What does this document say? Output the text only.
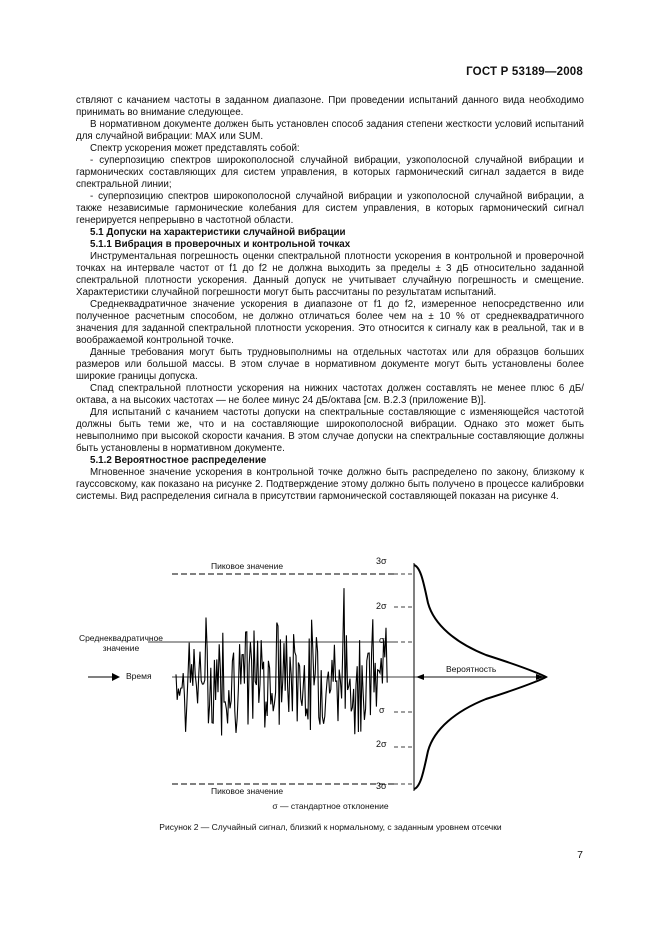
ГОСТ Р 53189—2008

ствляют с качанием частоты в заданном диапазоне. При проведении испытаний данного вида необходимо принимать во внимание следующее.

В нормативном документе должен быть установлен способ задания степени жесткости условий испытаний для случайной вибрации: MAX или SUM.

Спектр ускорения может представлять собой:

- суперпозицию спектров широкополосной случайной вибрации, узкополосной случайной вибрации и гармонических составляющих для систем управления, в которых гармонический сигнал задается в виде спектральной линии;

- суперпозицию спектров широкополосной случайной вибрации и узкополосной случайной вибрации, а также независимые гармонические колебания для систем управления, в которых гармонический сигнал генерируется непрерывно в частотной области.

5.1 Допуски на характеристики случайной вибрации

5.1.1 Вибрация в проверочных и контрольной точках

Инструментальная погрешность оценки спектральной плотности ускорения в контрольной и проверочной точках на интервале частот от f1 до f2 не должна выходить за пределы ± 3 дБ относительно заданной спектральной плотности ускорения. Данный допуск не учитывает случайную погрешность и смещение. Характеристики случайной погрешности могут быть рассчитаны по результатам испытаний.

Среднеквадратичное значение ускорения в диапазоне от f1 до f2, измеренное непосредственно или полученное расчетным способом, не должно отличаться более чем на ± 10 % от среднеквадратичного значения для заданной спектральной плотности ускорения. Это относится к сигналу как в реальной, так и в воображаемой контрольной точке.

Данные требования могут быть трудновыполнимы на отдельных частотах или для образцов больших размеров или большой массы. В этом случае в нормативном документе могут быть установлены более широкие границы допуска.

Спад спектральной плотности ускорения на нижних частотах должен составлять не менее плюс 6 дБ/октава, а на высоких частотах — не более минус 24 дБ/октава [см. В.2.3 (приложение В)].

Для испытаний с качанием частоты допуски на спектральные составляющие с изменяющейся частотой должны быть теми же, что и на составляющие широкополосной вибрации. Однако это может быть невыполнимо при высокой скорости качания. В этом случае допуски на спектральные составляющие должны быть установлены в нормативном документе.

5.1.2 Вероятностное распределение

Мгновенное значение ускорения в контрольной точке должно быть распределено по закону, близкому к гауссовскому, как показано на рисунке 2. Подтверждение этому должно быть получено в процессе калибровки системы. Вид распределения сигнала в присутствии гармонической составляющей показан на рисунке 4.

Пиковое значение
Пиковое значение
Среднеквадратичное значение
Время
Вероятность
3σ
2σ
σ
σ
2σ
3σ
σ — стандартное отклонение
Рисунок 2 — Случайный сигнал, близкий к нормальному, с заданным уровнем отсечки
7
